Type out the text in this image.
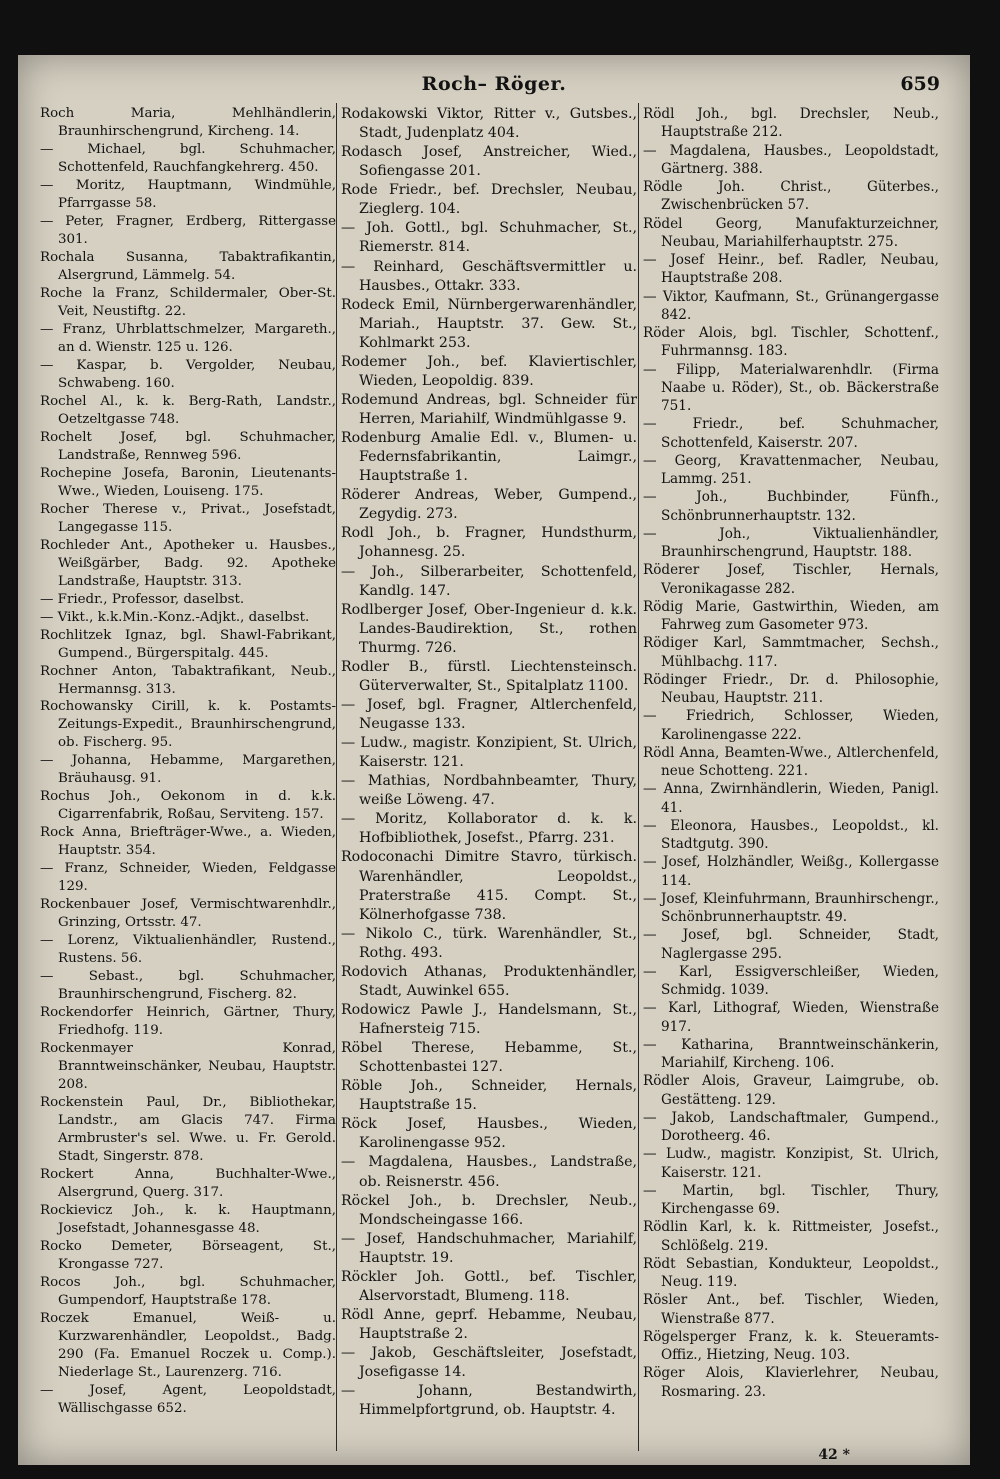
Roch– Röger.	659

Roch Maria, Mehlhändlerin, Braunhirschengrund, Kircheng. 14.

— Michael, bgl. Schuhmacher, Schottenfeld, Rauchfangkehrerg. 450.

— Moritz, Hauptmann, Windmühle, Pfarrgasse 58.

— Peter, Fragner, Erdberg, Rittergasse 301.

Rochala Susanna, Tabaktrafikantin, Alsergrund, Lämmelg. 54.

Roche la Franz, Schildermaler, Ober-St. Veit, Neustiftg. 22.

— Franz, Uhrblattschmelzer, Margareth., an d. Wienstr. 125 u. 126.

— Kaspar, b. Vergolder, Neubau, Schwabeng. 160.

Rochel Al., k. k. Berg-Rath, Landstr., Oetzeltgasse 748.

Rochelt Josef, bgl. Schuhmacher, Landstraße, Rennweg 596.

Rochepine Josefa, Baronin, Lieutenants-Wwe., Wieden, Louiseng. 175.

Rocher Therese v., Privat., Josefstadt, Langegasse 115.

Rochleder Ant., Apotheker u. Hausbes., Weißgärber, Badg. 92. Apotheke Landstraße, Hauptstr. 313.

— Friedr., Professor, daselbst.

— Vikt., k.k.Min.-Konz.-Adjkt., daselbst.

Rochlitzek Ignaz, bgl. Shawl-Fabrikant, Gumpend., Bürgerspitalg. 445.

Rochner Anton, Tabaktrafikant, Neub., Hermannsg. 313.

Rochowansky Cirill, k. k. Postamts-Zeitungs-Expedit., Braunhirschengrund, ob. Fischerg. 95.

— Johanna, Hebamme, Margarethen, Bräuhausg. 91.

Rochus Joh., Oekonom in d. k.k. Cigarrenfabrik, Roßau, Serviteng. 157.

Rock Anna, Briefträger-Wwe., a. Wieden, Hauptstr. 354.

— Franz, Schneider, Wieden, Feldgasse 129.

Rockenbauer Josef, Vermischtwarenhdlr., Grinzing, Ortsstr. 47.

— Lorenz, Viktualienhändler, Rustend., Rustens. 56.

— Sebast., bgl. Schuhmacher, Braunhirschengrund, Fischerg. 82.

Rockendorfer Heinrich, Gärtner, Thury, Friedhofg. 119.

Rockenmayer Konrad, Branntweinschänker, Neubau, Hauptstr. 208.

Rockenstein Paul, Dr., Bibliothekar, Landstr., am Glacis 747. Firma Armbruster's sel. Wwe. u. Fr. Gerold. Stadt, Singerstr. 878.

Rockert Anna, Buchhalter-Wwe., Alsergrund, Querg. 317.

Rockievicz Joh., k. k. Hauptmann, Josefstadt, Johannesgasse 48.

Rocko Demeter, Börseagent, St., Krongasse 727.

Rocos Joh., bgl. Schuhmacher, Gumpendorf, Hauptstraße 178.

Roczek Emanuel, Weiß- u. Kurzwarenhändler, Leopoldst., Badg. 290 (Fa. Emanuel Roczek u. Comp.). Niederlage St., Laurenzerg. 716.

— Josef, Agent, Leopoldstadt, Wällischgasse 652.

Rodakowski Viktor, Ritter v., Gutsbes., Stadt, Judenplatz 404.

Rodasch Josef, Anstreicher, Wied., Sofiengasse 201.

Rode Friedr., bef. Drechsler, Neubau, Zieglerg. 104.

— Joh. Gottl., bgl. Schuhmacher, St., Riemerstr. 814.

— Reinhard, Geschäftsvermittler u. Hausbes., Ottakr. 333.

Rodeck Emil, Nürnbergerwarenhändler, Mariah., Hauptstr. 37. Gew. St., Kohlmarkt 253.

Rodemer Joh., bef. Klaviertischler, Wieden, Leopoldig. 839.

Rodemund Andreas, bgl. Schneider für Herren, Mariahilf, Windmühlgasse 9.

Rodenburg Amalie Edl. v., Blumen- u. Federnsfabrikantin, Laimgr., Hauptstraße 1.

Röderer Andreas, Weber, Gumpend., Zegydig. 273.

Rodl Joh., b. Fragner, Hundsthurm, Johannesg. 25.

— Joh., Silberarbeiter, Schottenfeld, Kandlg. 147.

Rodlberger Josef, Ober-Ingenieur d. k.k. Landes-Baudirektion, St., rothen Thurmg. 726.

Rodler B., fürstl. Liechtensteinsch. Güterverwalter, St., Spitalplatz 1100.

— Josef, bgl. Fragner, Altlerchenfeld, Neugasse 133.

— Ludw., magistr. Konzipient, St. Ulrich, Kaiserstr. 121.

— Mathias, Nordbahnbeamter, Thury, weiße Löweng. 47.

— Moritz, Kollaborator d. k. k. Hofbibliothek, Josefst., Pfarrg. 231.

Rodoconachi Dimitre Stavro, türkisch. Warenhändler, Leopoldst., Praterstraße 415. Compt. St., Kölnerhofgasse 738.

— Nikolo C., türk. Warenhändler, St., Rothg. 493.

Rodovich Athanas, Produktenhändler, Stadt, Auwinkel 655.

Rodowicz Pawle J., Handelsmann, St., Hafnersteig 715.

Röbel Therese, Hebamme, St., Schottenbastei 127.

Röble Joh., Schneider, Hernals, Hauptstraße 15.

Röck Josef, Hausbes., Wieden, Karolinengasse 952.

— Magdalena, Hausbes., Landstraße, ob. Reisnerstr. 456.

Röckel Joh., b. Drechsler, Neub., Mondscheingasse 166.

— Josef, Handschuhmacher, Mariahilf, Hauptstr. 19.

Röckler Joh. Gottl., bef. Tischler, Alservorstadt, Blumeng. 118.

Rödl Anne, geprf. Hebamme, Neubau, Hauptstraße 2.

— Jakob, Geschäftsleiter, Josefstadt, Josefigasse 14.

— Johann, Bestandwirth, Himmelpfortgrund, ob. Hauptstr. 4.

Rödl Joh., bgl. Drechsler, Neub., Hauptstraße 212.

— Magdalena, Hausbes., Leopoldstadt, Gärtnerg. 388.

Rödle Joh. Christ., Güterbes., Zwischenbrücken 57.

Rödel Georg, Manufakturzeichner, Neubau, Mariahilferhauptstr. 275.

— Josef Heinr., bef. Radler, Neubau, Hauptstraße 208.

— Viktor, Kaufmann, St., Grünangergasse 842.

Röder Alois, bgl. Tischler, Schottenf., Fuhrmannsg. 183.

— Filipp, Materialwarenhdlr. (Firma Naabe u. Röder), St., ob. Bäckerstraße 751.

— Friedr., bef. Schuhmacher, Schottenfeld, Kaiserstr. 207.

— Georg, Kravattenmacher, Neubau, Lammg. 251.

— Joh., Buchbinder, Fünfh., Schönbrunnerhauptstr. 132.

— Joh., Viktualienhändler, Braunhirschengrund, Hauptstr. 188.

Röderer Josef, Tischler, Hernals, Veronikagasse 282.

Rödig Marie, Gastwirthin, Wieden, am Fahrweg zum Gasometer 973.

Rödiger Karl, Sammtmacher, Sechsh., Mühlbachg. 117.

Rödinger Friedr., Dr. d. Philosophie, Neubau, Hauptstr. 211.

— Friedrich, Schlosser, Wieden, Karolinengasse 222.

Rödl Anna, Beamten-Wwe., Altlerchenfeld, neue Schotteng. 221.

— Anna, Zwirnhändlerin, Wieden, Panigl. 41.

— Eleonora, Hausbes., Leopoldst., kl. Stadtgutg. 390.

— Josef, Holzhändler, Weißg., Kollergasse 114.

— Josef, Kleinfuhrmann, Braunhirschengr., Schönbrunnerhauptstr. 49.

— Josef, bgl. Schneider, Stadt, Naglergasse 295.

— Karl, Essigverschleißer, Wieden, Schmidg. 1039.

— Karl, Lithograf, Wieden, Wienstraße 917.

— Katharina, Branntweinschänkerin, Mariahilf, Kircheng. 106.

Rödler Alois, Graveur, Laimgrube, ob. Gestätteng. 129.

— Jakob, Landschaftmaler, Gumpend., Dorotheerg. 46.

— Ludw., magistr. Konzipist, St. Ulrich, Kaiserstr. 121.

— Martin, bgl. Tischler, Thury, Kirchengasse 69.

Rödlin Karl, k. k. Rittmeister, Josefst., Schlößelg. 219.

Rödt Sebastian, Kondukteur, Leopoldst., Neug. 119.

Rösler Ant., bef. Tischler, Wieden, Wienstraße 877.

Rögelsperger Franz, k. k. Steueramts-Offiz., Hietzing, Neug. 103.

Röger Alois, Klavierlehrer, Neubau, Rosmaring. 23.

42 *
